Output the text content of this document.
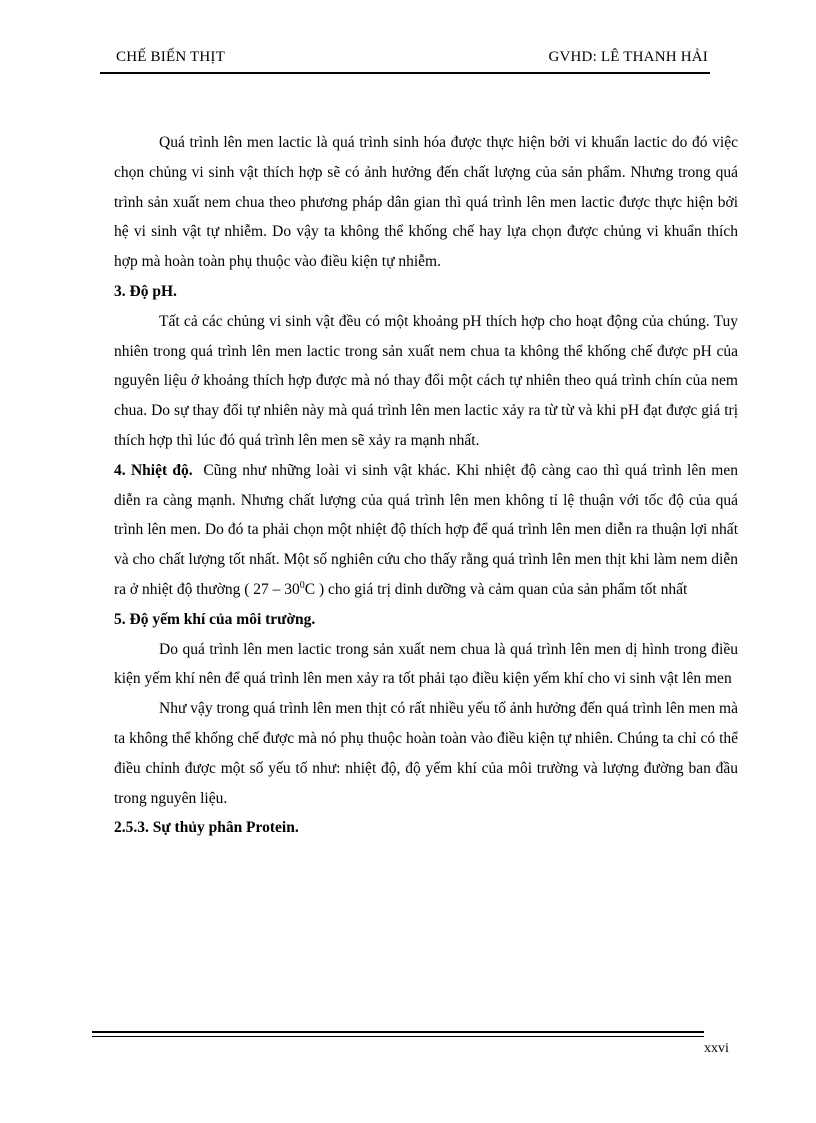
CHẾ BIẾN THỊT	GVHD: LÊ THANH HẢI

Quá trình lên men lactic là quá trình sinh hóa được thực hiện bởi vi khuẩn lactic do đó việc chọn chủng vi sinh vật thích hợp sẽ có ảnh hưởng đến chất lượng của sản phẩm. Nhưng trong quá trình sản xuất nem chua theo phương pháp dân gian thì quá trình lên men lactic được thực hiện bởi hệ vi sinh vật tự nhiễm. Do vậy ta không thể khống chế hay lựa chọn được chủng vi khuẩn thích hợp mà hoàn toàn phụ thuộc vào điều kiện tự nhiễm.

3. Độ pH.

Tất cả các chủng vi sinh vật đều có một khoảng pH thích hợp cho hoạt động của chúng. Tuy nhiên trong quá trình lên men lactic trong sản xuất nem chua ta không thể khống chế được pH của nguyên liệu ở khoảng thích hợp được mà nó thay đổi một cách tự nhiên theo quá trình chín của nem chua. Do sự thay đổi tự nhiên này mà quá trình lên men lactic xảy ra từ từ và khi pH đạt được giá trị thích hợp thì lúc đó quá trình lên men sẽ xảy ra mạnh nhất.

4. Nhiệt độ. Cũng như những loài vi sinh vật khác. Khi nhiệt độ càng cao thì quá trình lên men diễn ra càng mạnh. Nhưng chất lượng của quá trình lên men không tỉ lệ thuận với tốc độ của quá trình lên men. Do đó ta phải chọn một nhiệt độ thích hợp để quá trình lên men diễn ra thuận lợi nhất và cho chất lượng tốt nhất. Một số nghiên cứu cho thấy rằng quá trình lên men thịt khi làm nem diễn ra ở nhiệt độ thường ( $27 - 30^0C$ ) cho giá trị dinh dưỡng và cảm quan của sản phẩm tốt nhất

5. Độ yếm khí của môi trường.

Do quá trình lên men lactic trong sản xuất nem chua là quá trình lên men dị hình trong điều kiện yếm khí nên để quá trình lên men xảy ra tốt phải tạo điều kiện yếm khí cho vi sinh vật lên men

Như vậy trong quá trình lên men thịt có rất nhiều yếu tố ảnh hưởng đến quá trình lên men mà ta không thể khống chế được mà nó phụ thuộc hoàn toàn vào điều kiện tự nhiên. Chúng ta chỉ có thể điều chỉnh được một số yếu tố như: nhiệt độ, độ yếm khí của môi trường và lượng đường ban đầu trong nguyên liệu.

2.5.3. Sự thủy phân Protein.

xxvi
